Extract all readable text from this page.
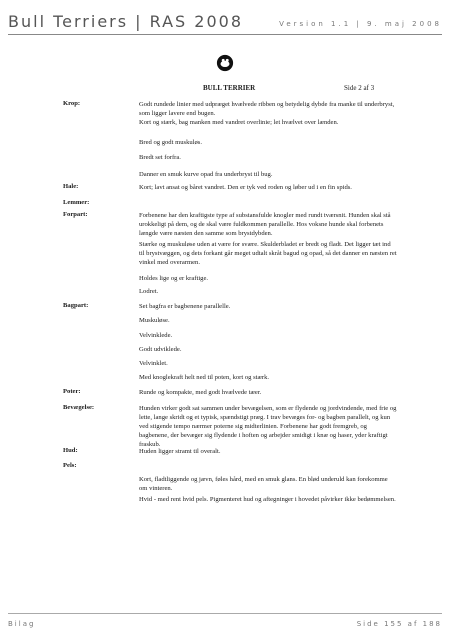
Bull Terriers | RAS 2008	Version 1.1 | 9. maj 2008
BULL TERRIER	Side 2 af 3
Krop:	Godt rundede linier med udpræget hvælvede ribben og betydelig dybde fra manke til underbryst, som ligger lavere end bugen.
Kort og stærk, bag manken med vandret overlinie; let hvælvet over lænden.
Bred og godt muskuløs.
Bredt set forfra.
Danner en smuk kurve opad fra underbryst til bug.
Hale:	Kort; lavt ansat og båret vandret. Den er tyk ved roden og løber ud i en fin spids.
Lemmer:
Forpart:	Forbenene har den kraftigste type af substansfulde knogler med rundt tværsnit. Hunden skal stå urokkeligt på dem, og de skal være fuldkommen parallelle. Hos voksne hunde skal forbenets længde være næsten den samme som brystdybden.
Stærke og muskuløse uden at være for svære. Skulderbladet er bredt og fladt. Det ligger tæt ind til brystvæggen, og dets forkant går meget udtalt skråt bagud og opad, så det danner en næsten ret vinkel med overarmen.
Holdes lige og er kraftige.
Lodret.
Bagpart:	Set bagfra er bagbenene parallelle.
Muskuløse.
Velvinklede.
Godt udviklede.
Velvinklet.
Med knoglekraft helt ned til poten, kort og stærk.
Poter:	Runde og kompakte, med godt hvælvede tæer.
Bevægelse:	Hunden virker godt sat sammen under bevægelsen, som er flydende og jordvindende, med frie og lette, lange skridt og et typisk, spændstigt præg. I trav bevæges for- og bagben parallelt, og kun ved stigende tempo nærmer poterne sig midterlinien. Forbenene har godt fremgreb, og bagbenene, der bevæger sig flydende i hoften og arbejder smidigt i knæ og haser, yder kraftigt fraskub.
Hud:	Huden ligger stramt til overalt.
Pels:
Kort, fladtliggende og jævn, føles hård, med en smuk glans. En blød underuld kan forekomme om vinteren.
Hvid - med rent hvid pels. Pigmenteret hud og aftegninger i hovedet påvirker ikke bedømmelsen.
Bilag	Side 155 af 188
